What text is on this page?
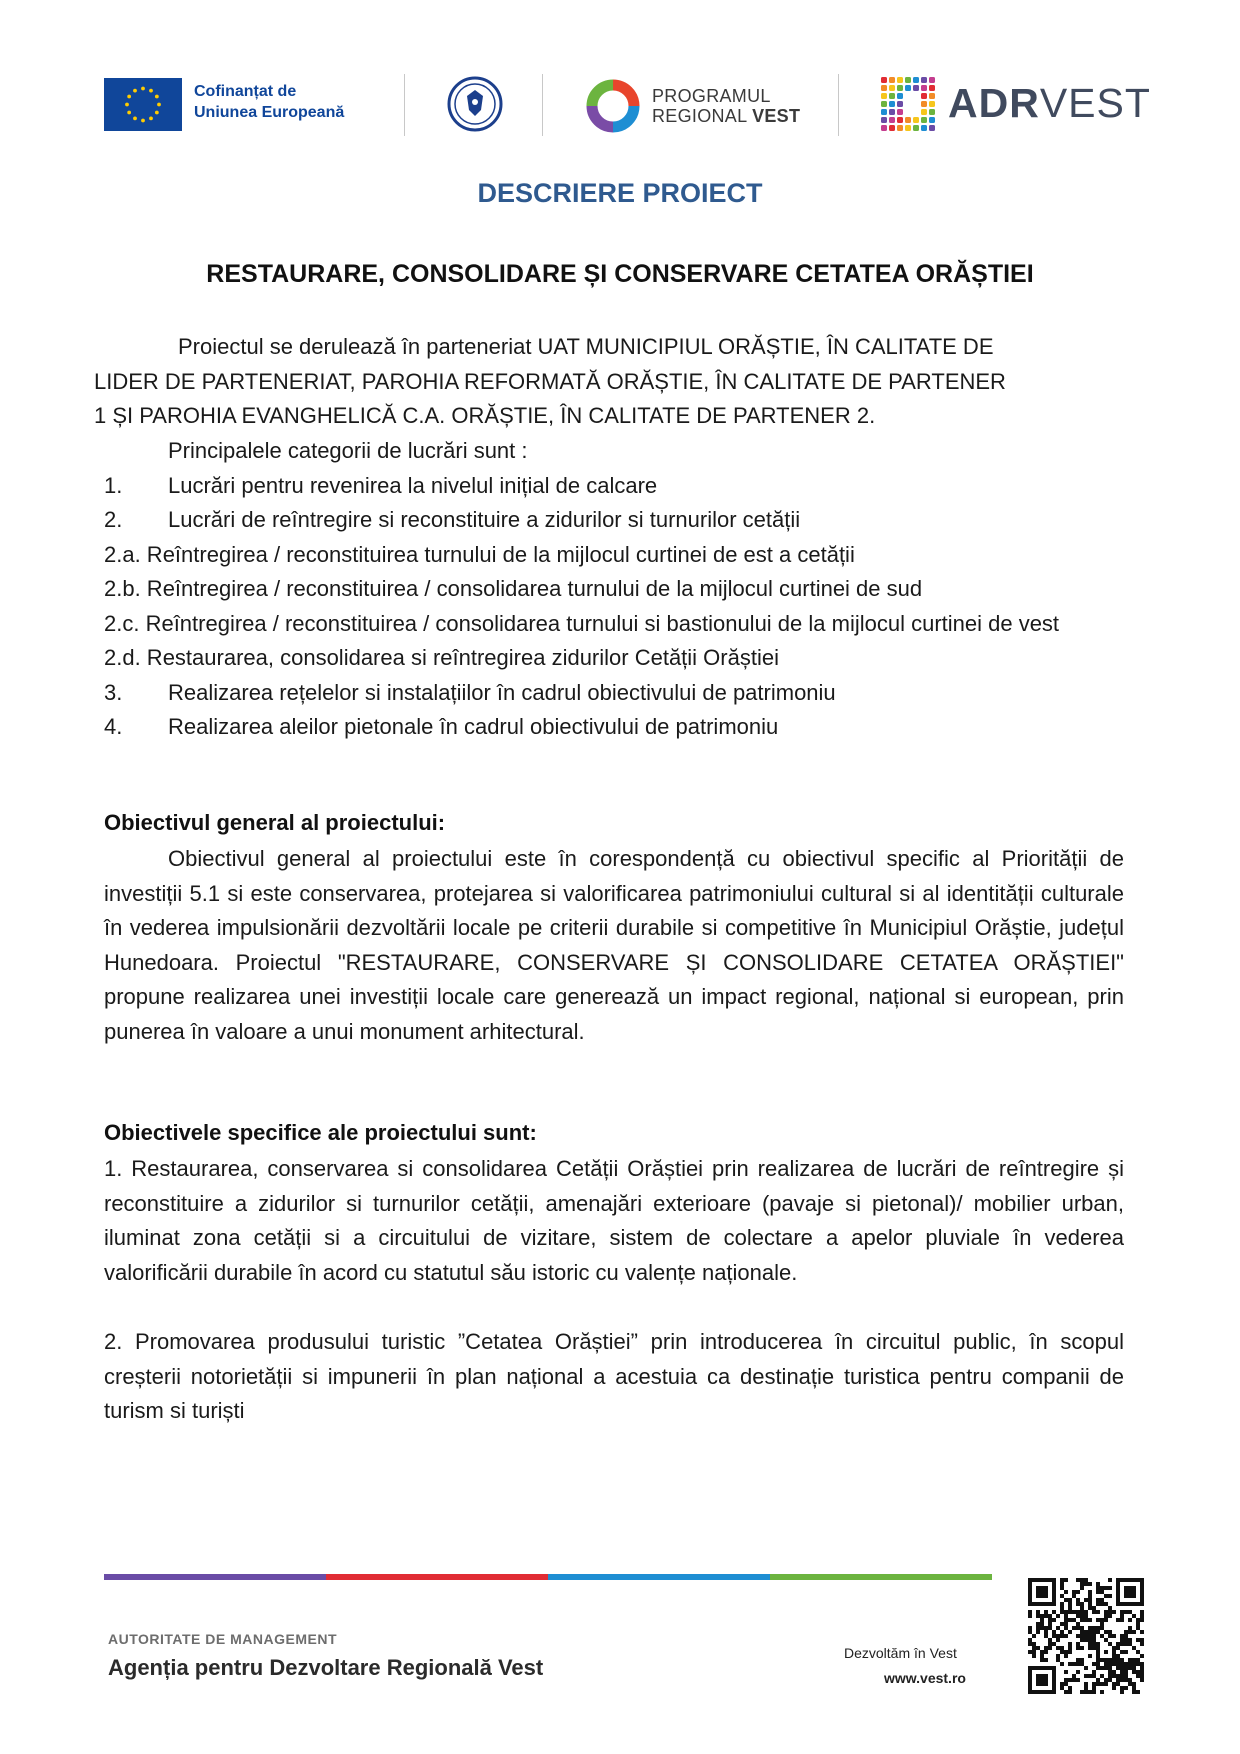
Cofinanțat de
Uniunea Europeană
PROGRAMUL
REGIONAL VEST	ADRVEST
DESCRIERE PROIECT
RESTAURARE, CONSOLIDARE ȘI CONSERVARE CETATEA ORĂȘTIEI
Proiectul se derulează în parteneriat UAT MUNICIPIUL ORĂȘTIE, ÎN CALITATE DE
LIDER DE PARTENERIAT, PAROHIA REFORMATĂ ORĂȘTIE, ÎN CALITATE DE PARTENER
1 ȘI PAROHIA EVANGHELICĂ C.A. ORĂȘTIE, ÎN CALITATE DE PARTENER 2.
Principalele categorii de lucrări sunt :
1.	Lucrări pentru revenirea la nivelul inițial de calcare
2.	Lucrări de reîntregire si reconstituire a zidurilor si turnurilor cetății
2.a. Reîntregirea / reconstituirea turnului de la mijlocul curtinei de est a cetății
2.b. Reîntregirea / reconstituirea / consolidarea turnului de la mijlocul curtinei de sud
2.c. Reîntregirea / reconstituirea / consolidarea turnului si bastionului de la mijlocul curtinei de vest
2.d. Restaurarea, consolidarea si reîntregirea zidurilor Cetății Orăștiei
3.	Realizarea rețelelor si instalațiilor în cadrul obiectivului de patrimoniu
4.	Realizarea aleilor pietonale în cadrul obiectivului de patrimoniu
Obiectivul general al proiectului:
Obiectivul general al proiectului este în corespondență cu obiectivul specific al Priorității de investiții 5.1 si este conservarea, protejarea si valorificarea patrimoniului cultural si al identității culturale în vederea impulsionării dezvoltării locale pe criterii durabile si competitive în Municipiul Orăștie, județul Hunedoara. Proiectul "RESTAURARE, CONSERVARE ȘI CONSOLIDARE CETATEA ORĂȘTIEI" propune realizarea unei investiții locale care generează un impact regional, național si european, prin punerea în valoare a unui monument arhitectural.
Obiectivele specifice ale proiectului sunt:
1. Restaurarea, conservarea si consolidarea Cetății Orăștiei prin realizarea de lucrări de reîntregire și reconstituire a zidurilor si turnurilor cetății, amenajări exterioare (pavaje si pietonal)/ mobilier urban, iluminat zona cetății si a circuitului de vizitare, sistem de colectare a apelor pluviale în vederea valorificării durabile în acord cu statutul său istoric cu valențe naționale.
2. Promovarea produsului turistic ”Cetatea Orăștiei” prin introducerea în circuitul public, în scopul creșterii notorietății si impunerii în plan național a acestuia ca destinație turistica pentru companii de turism si turiști
AUTORITATE DE MANAGEMENT
Agenția pentru Dezvoltare Regională Vest
Dezvoltăm în Vest
www.vest.ro
